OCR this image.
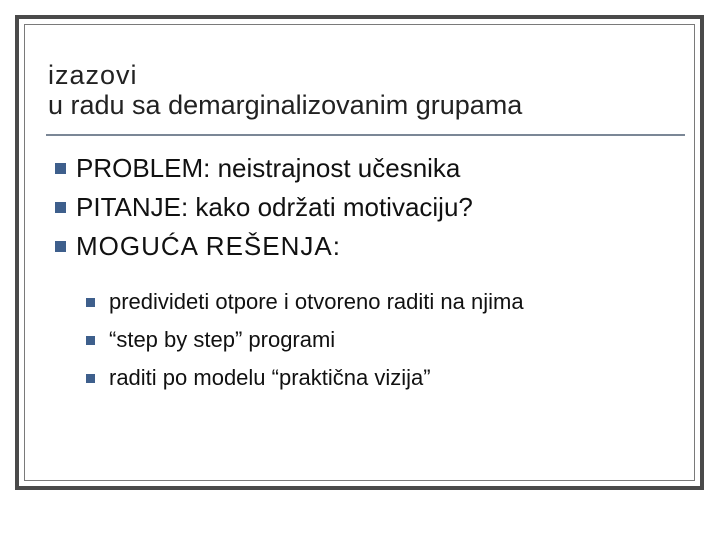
izazovi
u radu sa demarginalizovanim grupama
PROBLEM: neistrajnost učesnika
PITANJE: kako održati motivaciju?
MOGUĆA REŠENJA:
predivideti otpore i otvoreno raditi na njima
“step by step” programi
raditi po modelu “praktična vizija”
